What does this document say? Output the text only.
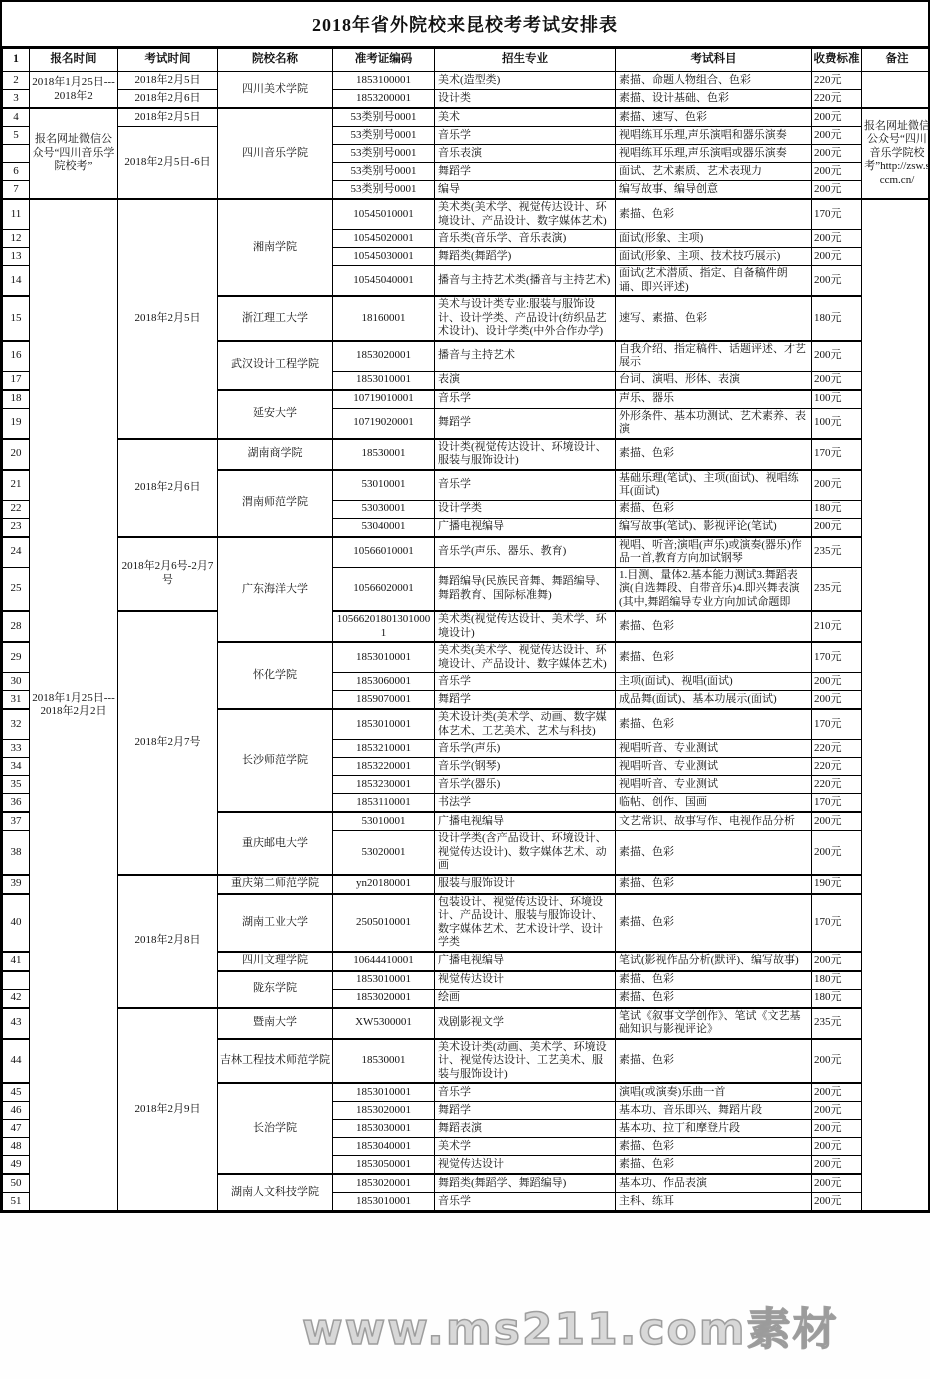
2018年省外院校来昆校考考试安排表
1	报名时间	考试时间	院校名称	准考证编码	招生专业	考试科目	收费标准	备注
2	2018年1月25日---2018年2	2018年2月5日	四川美术学院	1853100001	美术(造型类)	素描、命题人物组合、色彩	220元	
3		2018年2月6日		1853200001	设计类	素描、设计基础、色彩	220元	
4	报名网址微信公众号“四川音乐学院校考”	2018年2月5日	四川音乐学院	53类别号0001	美术	素描、速写、色彩	200元	报名网址微信公众号“四川音乐学院校考”http://zsw.sccm.cn/
5		2018年2月5日-6日		53类别号0001	音乐学	视唱练耳乐理,声乐演唱和器乐演奏	200元	
				53类别号0001	音乐表演	视唱练耳乐理,声乐演唱或器乐演奏	200元	
6				53类别号0001	舞蹈学	面试、艺术素质、艺术表现力	200元	
7				53类别号0001	编导	编写故事、编导创意	200元	
11	2018年1月25日---2018年2月2日	2018年2月5日	湘南学院	10545010001	美术类(美术学、视觉传达设计、环境设计、产品设计、数字媒体艺术)	素描、色彩	170元	
12				10545020001	音乐类(音乐学、音乐表演)	面试(形象、主项)	200元	
13				10545030001	舞蹈类(舞蹈学)	面试(形象、主项、技术技巧展示)	200元	
14				10545040001	播音与主持艺术类(播音与主持艺术)	面试(艺术潜质、指定、自备稿件朗诵、即兴评述)	200元	
15			浙江理工大学	18160001	美术与设计类专业:服装与服饰设计、设计学类、产品设计(纺织品艺术设计)、设计学类(中外合作办学)	速写、素描、色彩	180元	
16			武汉设计工程学院	1853020001	播音与主持艺术	自我介绍、指定稿件、话题评述、才艺展示	200元	
17				1853010001	表演	台词、演唱、形体、表演	200元	
18			延安大学	10719010001	音乐学	声乐、器乐	100元	
19				10719020001	舞蹈学	外形条件、基本功测试、艺术素养、表演	100元	
20		2018年2月6日	湖南商学院	18530001	设计类(视觉传达设计、环境设计、服装与服饰设计)	素描、色彩	170元	
21			渭南师范学院	53010001	音乐学	基础乐理(笔试)、主项(面试)、视唱练耳(面试)	200元	
22				53030001	设计学类	素描、色彩	180元	
23				53040001	广播电视编导	编写故事(笔试)、影视评论(笔试)	200元	
24		2018年2月6号-2月7号	广东海洋大学	10566010001	音乐学(声乐、器乐、教育)	视唱、听音;演唱(声乐)或演奏(器乐)作品一首,教育方向加试钢琴	235元	
25				10566020001	舞蹈编导(民族民音舞、舞蹈编导、舞蹈教育、国际标准舞)	1.目测、量体2.基本能力测试3.舞蹈表演(自选舞段、自带音乐)4.即兴舞表演(其中,舞蹈编导专业方向加试命题即	235元	
28		2018年2月7号		105662018013010001	美术类(视觉传达设计、美术学、环境设计)	素描、色彩	210元	
29			怀化学院	1853010001	美术类(美术学、视觉传达设计、环境设计、产品设计、数字媒体艺术)	素描、色彩	170元	
30				1853060001	音乐学	主项(面试)、视唱(面试)	200元	
31				1859070001	舞蹈学	成品舞(面试)、基本功展示(面试)	200元	
32			长沙师范学院	1853010001	美术设计类(美术学、动画、数字媒体艺术、工艺美术、艺术与科技)	素描、色彩	170元	
33				1853210001	音乐学(声乐)	视唱听音、专业测试	220元	
34				1853220001	音乐学(钢琴)	视唱听音、专业测试	220元	
35				1853230001	音乐学(器乐)	视唱听音、专业测试	220元	
36				1853110001	书法学	临帖、创作、国画	170元	
37			重庆邮电大学	53010001	广播电视编导	文艺常识、故事写作、电视作品分析	200元	
38				53020001	设计学类(含产品设计、环境设计、视觉传达设计)、数字媒体艺术、动画	素描、色彩	200元	
39		2018年2月8日	重庆第二师范学院	yn20180001	服装与服饰设计	素描、色彩	190元	
40			湖南工业大学	2505010001	包装设计、视觉传达设计、环境设计、产品设计、服装与服饰设计、数字媒体艺术、艺术设计学、设计学类	素描、色彩	170元	
41			四川文理学院	10644410001	广播电视编导	笔试(影视作品分析(默评)、编写故事)	200元	
			陇东学院	1853010001	视觉传达设计	素描、色彩	180元	
42				1853020001	绘画	素描、色彩	180元	
43		2018年2月9日	暨南大学	XW5300001	戏剧影视文学	笔试《叙事文学创作》、笔试《文艺基础知识与影视评论》	235元	
44			吉林工程技术师范学院	18530001	美术设计类(动画、美术学、环境设计、视觉传达设计、工艺美术、服装与服饰设计)	素描、色彩	200元	
45			长治学院	1853010001	音乐学	演唱(或演奏)乐曲一首	200元	
46				1853020001	舞蹈学	基本功、音乐即兴、舞蹈片段	200元	
47				1853030001	舞蹈表演	基本功、拉丁和摩登片段	200元	
48				1853040001	美术学	素描、色彩	200元	
49				1853050001	视觉传达设计	素描、色彩	200元	
50			湖南人文科技学院	1853020001	舞蹈类(舞蹈学、舞蹈编导)	基本功、作品表演	200元	
51				1853010001	音乐学	主科、练耳	200元	
www.ms211.com素材
